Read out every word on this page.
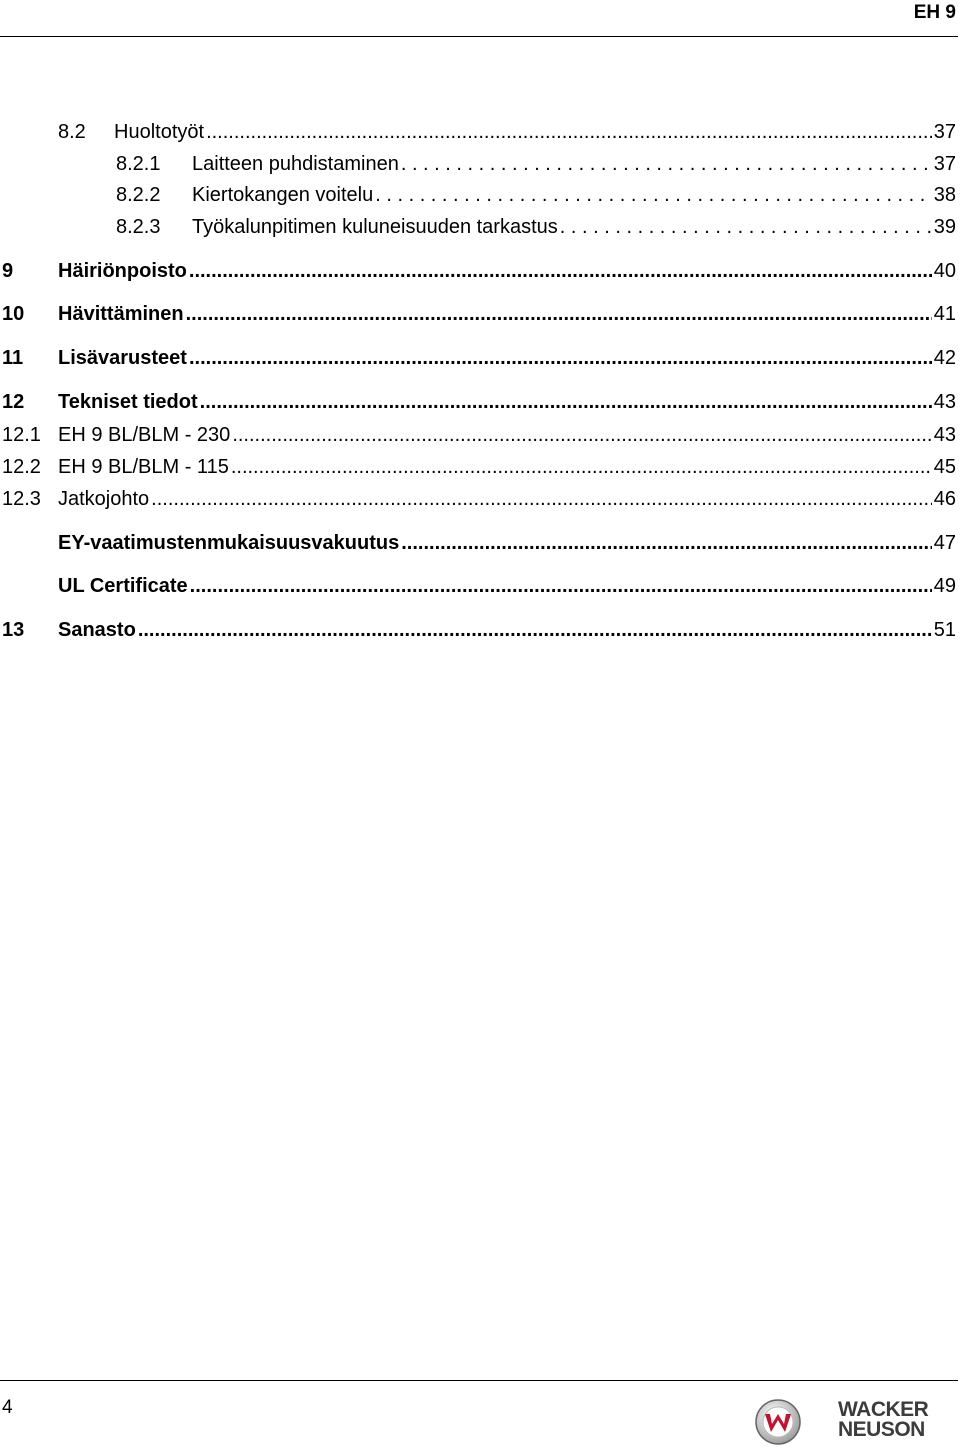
EH 9
8.2	Huoltotyöt .....	37
8.2.1	Laitteen puhdistaminen . . .	37
8.2.2	Kiertokangen voitelu . . .	38
8.2.3	Työkalunpitimen kuluneisuuden tarkastus . . .	39
9	Häiriönpoisto .....	40
10	Hävittäminen .....	41
11	Lisävarusteet .....	42
12	Tekniset tiedot .....	43
12.1 EH 9 BL/BLM - 230 .....	43
12.2 EH 9 BL/BLM - 115 .....	45
12.3 Jatkojohto .....	46
EY-vaatimustenmukaisuusvakuutus .....	47
UL Certificate .....	49
13	Sanasto .....	51
4	WACKER
NEUSON
